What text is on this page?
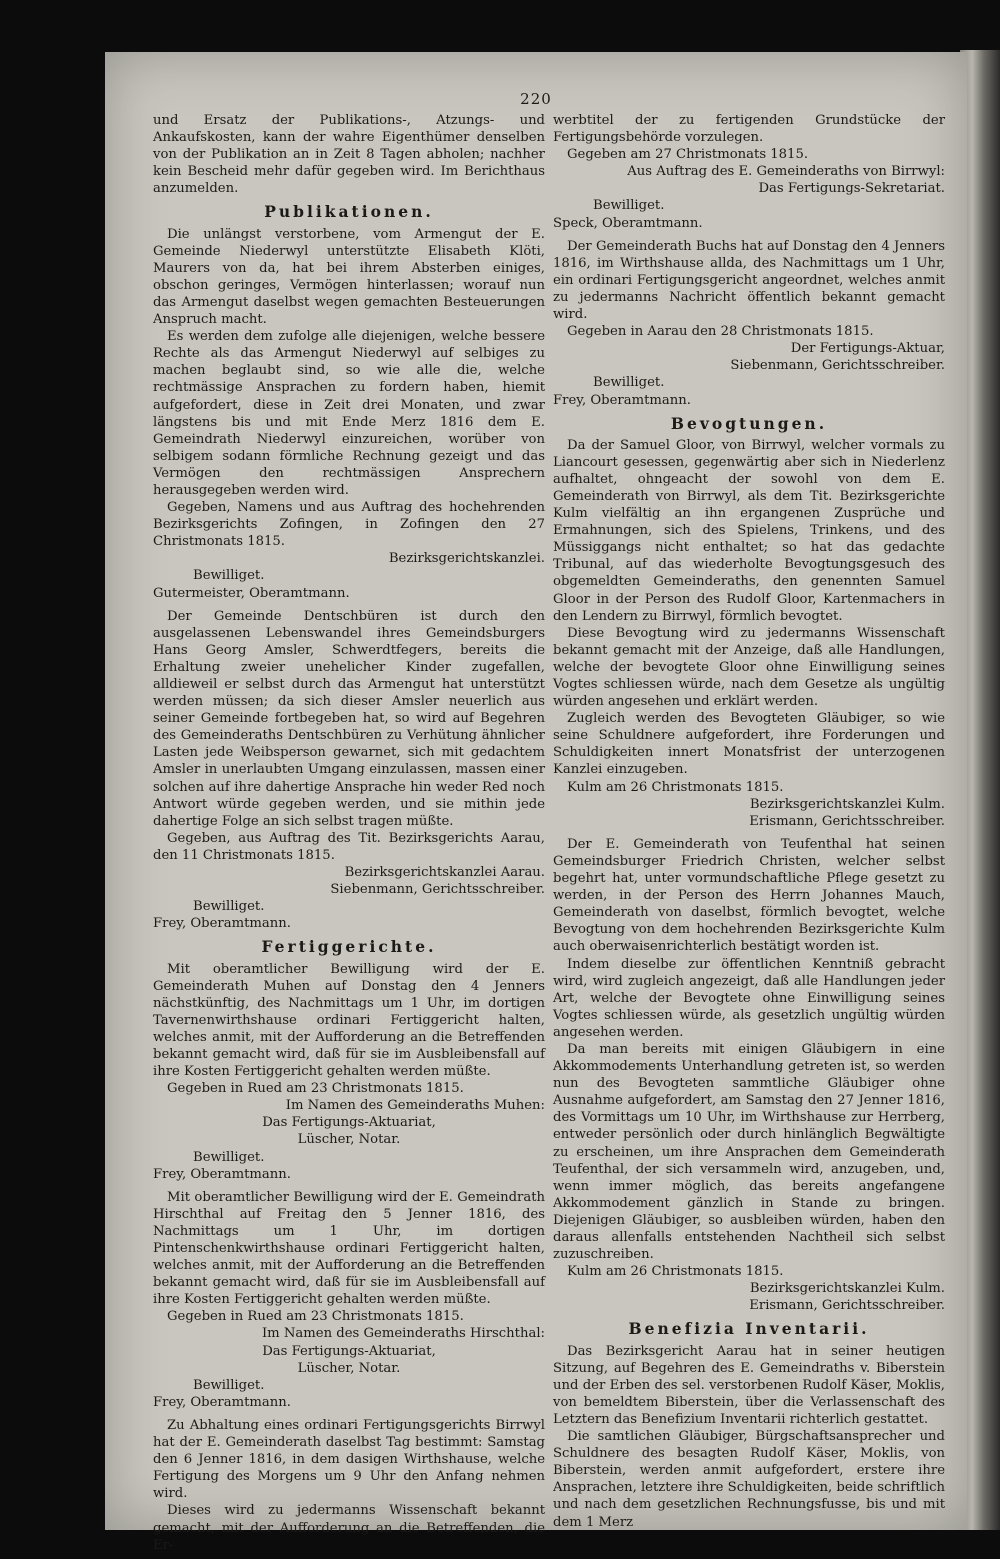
220

und Ersatz der Publikations-, Atzungs- und Ankaufskosten, kann der wahre Eigenthümer denselben von der Publikation an in Zeit 8 Tagen abholen; nachher kein Bescheid mehr dafür gegeben wird. Im Berichthaus anzumelden.

Publikationen.

Die unlängst verstorbene, vom Armengut der E. Gemeinde Niederwyl unterstützte Elisabeth Klöti, Maurers von da, hat bei ihrem Absterben einiges, obschon geringes, Vermögen hinterlassen; worauf nun das Armengut daselbst wegen gemachten Besteuerungen Anspruch macht.

Es werden dem zufolge alle diejenigen, welche bessere Rechte als das Armengut Niederwyl auf selbiges zu machen beglaubt sind, so wie alle die, welche rechtmässige Ansprachen zu fordern haben, hiemit aufgefordert, diese in Zeit drei Monaten, und zwar längstens bis und mit Ende Merz 1816 dem E. Gemeindrath Niederwyl einzureichen, worüber von selbigem sodann förmliche Rechnung gezeigt und das Vermögen den rechtmässigen Ansprechern herausgegeben werden wird.

Gegeben, Namens und aus Auftrag des hochehrenden Bezirksgerichts Zofingen, in Zofingen den 27 Christmonats 1815.

Bezirksgerichtskanzlei.

Bewilliget.

Gutermeister, Oberamtmann.

Der Gemeinde Dentschbüren ist durch den ausgelassenen Lebenswandel ihres Gemeindsburgers Hans Georg Amsler, Schwerdtfegers, bereits die Erhaltung zweier unehelicher Kinder zugefallen, alldieweil er selbst durch das Armengut hat unterstützt werden müssen; da sich dieser Amsler neuerlich aus seiner Gemeinde fortbegeben hat, so wird auf Begehren des Gemeinderaths Dentschbüren zu Verhütung ähnlicher Lasten jede Weibsperson gewarnet, sich mit gedachtem Amsler in unerlaubten Umgang einzulassen, massen einer solchen auf ihre dahertige Ansprache hin weder Red noch Antwort würde gegeben werden, und sie mithin jede dahertige Folge an sich selbst tragen müßte.

Gegeben, aus Auftrag des Tit. Bezirksgerichts Aarau, den 11 Christmonats 1815.

Bezirksgerichtskanzlei Aarau.

Siebenmann, Gerichtsschreiber.

Bewilliget.

Frey, Oberamtmann.

Fertiggerichte.

Mit oberamtlicher Bewilligung wird der E. Gemeinderath Muhen auf Donstag den 4 Jenners nächstkünftig, des Nachmittags um 1 Uhr, im dortigen Tavernenwirthshause ordinari Fertiggericht halten, welches anmit, mit der Aufforderung an die Betreffenden bekannt gemacht wird, daß für sie im Ausbleibensfall auf ihre Kosten Fertiggericht gehalten werden müßte.

Gegeben in Rued am 23 Christmonats 1815.

Im Namen des Gemeinderaths Muhen:

Das Fertigungs-Aktuariat,

Lüscher, Notar.

Bewilliget.

Frey, Oberamtmann.

Mit oberamtlicher Bewilligung wird der E. Gemeindrath Hirschthal auf Freitag den 5 Jenner 1816, des Nachmittags um 1 Uhr, im dortigen Pintenschenkwirthshause ordinari Fertiggericht halten, welches anmit, mit der Aufforderung an die Betreffenden bekannt gemacht wird, daß für sie im Ausbleibensfall auf ihre Kosten Fertiggericht gehalten werden müßte.

Gegeben in Rued am 23 Christmonats 1815.

Im Namen des Gemeinderaths Hirschthal:

Das Fertigungs-Aktuariat,

Lüscher, Notar.

Bewilliget.

Frey, Oberamtmann.

Zu Abhaltung eines ordinari Fertigungsgerichts Birrwyl hat der E. Gemeinderath daselbst Tag bestimmt: Samstag den 6 Jenner 1816, in dem dasigen Wirthshause, welche Fertigung des Morgens um 9 Uhr den Anfang nehmen wird.

Dieses wird zu jedermanns Wissenschaft bekannt gemacht, mit der Aufforderung an die Betreffenden, die Er-

werbtitel der zu fertigenden Grundstücke der Fertigungsbehörde vorzulegen.

Gegeben am 27 Christmonats 1815.

Aus Auftrag des E. Gemeinderaths von Birrwyl:

Das Fertigungs-Sekretariat.

Bewilliget.

Speck, Oberamtmann.

Der Gemeinderath Buchs hat auf Donstag den 4 Jenners 1816, im Wirthshause allda, des Nachmittags um 1 Uhr, ein ordinari Fertigungsgericht angeordnet, welches anmit zu jedermanns Nachricht öffentlich bekannt gemacht wird.

Gegeben in Aarau den 28 Christmonats 1815.

Der Fertigungs-Aktuar,

Siebenmann, Gerichtsschreiber.

Bewilliget.

Frey, Oberamtmann.

Bevogtungen.

Da der Samuel Gloor, von Birrwyl, welcher vormals zu Liancourt gesessen, gegenwärtig aber sich in Niederlenz aufhaltet, ohngeacht der sowohl von dem E. Gemeinderath von Birrwyl, als dem Tit. Bezirksgerichte Kulm vielfältig an ihn ergangenen Zusprüche und Ermahnungen, sich des Spielens, Trinkens, und des Müssiggangs nicht enthaltet; so hat das gedachte Tribunal, auf das wiederholte Bevogtungsgesuch des obgemeldten Gemeinderaths, den genennten Samuel Gloor in der Person des Rudolf Gloor, Kartenmachers in den Lendern zu Birrwyl, förmlich bevogtet.

Diese Bevogtung wird zu jedermanns Wissenschaft bekannt gemacht mit der Anzeige, daß alle Handlungen, welche der bevogtete Gloor ohne Einwilligung seines Vogtes schliessen würde, nach dem Gesetze als ungültig würden angesehen und erklärt werden.

Zugleich werden des Bevogteten Gläubiger, so wie seine Schuldnere aufgefordert, ihre Forderungen und Schuldigkeiten innert Monatsfrist der unterzogenen Kanzlei einzugeben.

Kulm am 26 Christmonats 1815.

Bezirksgerichtskanzlei Kulm.

Erismann, Gerichtsschreiber.

Der E. Gemeinderath von Teufenthal hat seinen Gemeindsburger Friedrich Christen, welcher selbst begehrt hat, unter vormundschaftliche Pflege gesetzt zu werden, in der Person des Herrn Johannes Mauch, Gemeinderath von daselbst, förmlich bevogtet, welche Bevogtung von dem hochehrenden Bezirksgerichte Kulm auch oberwaisenrichterlich bestätigt worden ist.

Indem dieselbe zur öffentlichen Kenntniß gebracht wird, wird zugleich angezeigt, daß alle Handlungen jeder Art, welche der Bevogtete ohne Einwilligung seines Vogtes schliessen würde, als gesetzlich ungültig würden angesehen werden.

Da man bereits mit einigen Gläubigern in eine Akkommodements Unterhandlung getreten ist, so werden nun des Bevogteten sammtliche Gläubiger ohne Ausnahme aufgefordert, am Samstag den 27 Jenner 1816, des Vormittags um 10 Uhr, im Wirthshause zur Herrberg, entweder persönlich oder durch hinlänglich Begwältigte zu erscheinen, um ihre Ansprachen dem Gemeinderath Teufenthal, der sich versammeln wird, anzugeben, und, wenn immer möglich, das bereits angefangene Akkommodement gänzlich in Stande zu bringen. Diejenigen Gläubiger, so ausbleiben würden, haben den daraus allenfalls entstehenden Nachtheil sich selbst zuzuschreiben.

Kulm am 26 Christmonats 1815.

Bezirksgerichtskanzlei Kulm.

Erismann, Gerichtsschreiber.

Benefizia Inventarii.

Das Bezirksgericht Aarau hat in seiner heutigen Sitzung, auf Begehren des E. Gemeindraths v. Biberstein und der Erben des sel. verstorbenen Rudolf Käser, Moklis, von bemeldtem Biberstein, über die Verlassenschaft des Letztern das Benefizium Inventarii richterlich gestattet.

Die samtlichen Gläubiger, Bürgschaftsansprecher und Schuldnere des besagten Rudolf Käser, Moklis, von Biberstein, werden anmit aufgefordert, erstere ihre Ansprachen, letztere ihre Schuldigkeiten, beide schriftlich und nach dem gesetzlichen Rechnungsfusse, bis und mit dem 1 Merz
